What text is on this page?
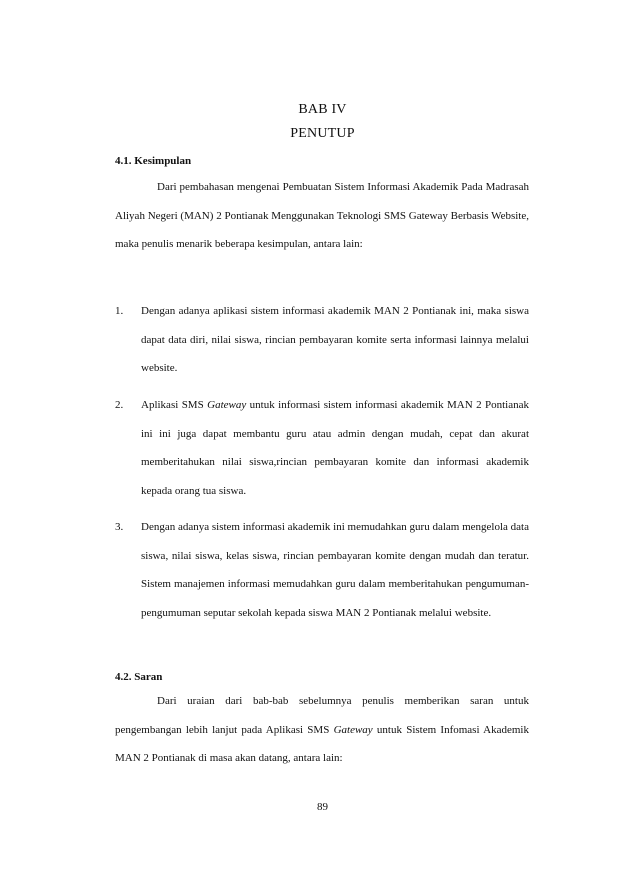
BAB IV
PENUTUP
4.1. Kesimpulan
Dari pembahasan mengenai Pembuatan Sistem Informasi Akademik Pada Madrasah Aliyah Negeri (MAN) 2 Pontianak Menggunakan Teknologi SMS Gateway Berbasis Website, maka penulis menarik beberapa kesimpulan, antara lain:
1. Dengan adanya aplikasi sistem informasi akademik MAN 2 Pontianak ini, maka siswa dapat data diri, nilai siswa, rincian pembayaran komite serta informasi lainnya melalui website.
2. Aplikasi SMS Gateway untuk informasi sistem informasi akademik MAN 2 Pontianak ini ini juga dapat membantu guru atau admin dengan mudah, cepat dan akurat memberitahukan nilai siswa,rincian pembayaran komite dan informasi akademik kepada orang tua siswa.
3. Dengan adanya sistem informasi akademik ini memudahkan guru dalam mengelola data siswa, nilai siswa, kelas siswa, rincian pembayaran komite dengan mudah dan teratur. Sistem manajemen informasi memudahkan guru dalam memberitahukan pengumuman-pengumuman seputar sekolah kepada siswa MAN 2 Pontianak melalui website.
4.2. Saran
Dari uraian dari bab-bab sebelumnya penulis memberikan saran untuk pengembangan lebih lanjut pada Aplikasi SMS Gateway untuk Sistem Infomasi Akademik MAN 2 Pontianak di masa akan datang, antara lain:
89
